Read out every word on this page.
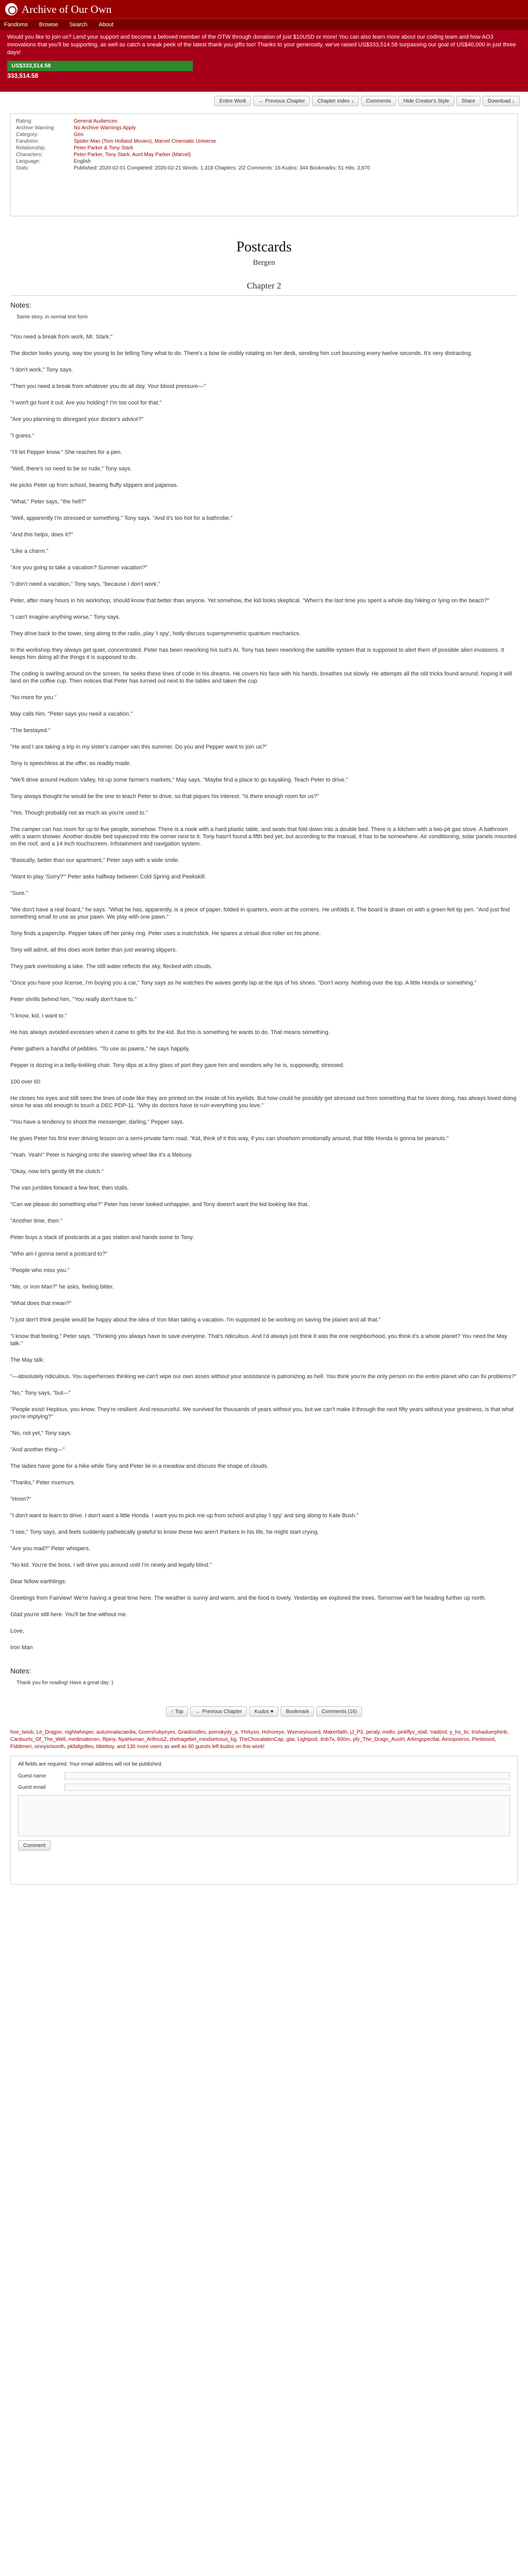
Archive of Our Own
Fandoms Browse Search About
Would you like to join us? Lend your support and become a beloved member of the OTW through donation of just $10USD or more! You can also learn more about our coding team and how AO3 innovations that you'll be supporting, as well as catch a sneak peek of the latest thank you gifts too! Thanks to your generosity, we've raised US$333,514.58 surpassing our goal of US$40,000 in just three days!
US$333,514.58
333,514.58
Entire Work	← Previous Chapter	Chapter Index ↓	Comments	Hide Creator's Style	Share	Download ↓
Rating:	General Audiences
Archive Warning:	No Archive Warnings Apply
Category:	Gen
Fandoms:	Spider-Man (Tom Holland Movies), Marvel Cinematic Universe
Relationship:	Peter Parker & Tony Stark
Characters:	Peter Parker, Tony Stark, Aunt May Parker (Marvel)
Language:	English
Stats:	Published: 2020-02-01 Completed: 2020-02-21 Words: 1,318 Chapters: 2/2 Comments: 16 Kudos: 344 Bookmarks: 51 Hits: 3,870
Postcards
Bergen
Chapter 2
Notes:
Same story, in normal text form

"You need a break from work, Mr. Stark."

The doctor looks young, way too young to be telling Tony what to do. There's a bow tie visibly rotating on her desk, sending him curt bouncing every twelve seconds. It's very distracting.

"I don't work," Tony says.

"Then you need a break from whatever you do all day. Your blood pressure—"

"I won't go hunt it out. Are you holding? I'm too cool for that."

"Are you planning to disregard your doctor's advice?"

"I guess."

"I'll let Pepper know." She reaches for a pen.

"Well, there's no need to be so rude," Tony says.

He picks Peter up from school, bearing fluffy slippers and pajamas.

"What," Peter says, "the hell?"

"Well, apparently I'm stressed or something," Tony says. "And it's too hot for a bathrobe."

"And this helps, does it?"

"Like a charm."

"Are you going to take a vacation? Summer vacation?"

"I don't need a vacation," Tony says, "because I don't work."

Peter, after many hours in his workshop, should know that better than anyone. Yet somehow, the kid looks skeptical. "When's the last time you spent a whole day hiking or lying on the beach?"

"I can't imagine anything worse," Tony says.

They drive back to the tower, sing along to the radio, play 'I spy', hotly discuss supersymmetric quantum mechanics.

In the workshop they always get quiet, concentrated. Peter has been reworking his suit's AI. Tony has been reworking the satellite system that is supposed to alert them of possible alien invasions. It keeps him doing all the things it is supposed to do.

The coding is swirling around on the screen, he seeks these lines of code in his dreams. He covers his face with his hands, breathes out slowly. He attempts all the old tricks found around, hoping it will land on the coffee cup. Then notices that Peter has turned out next to the tables and taken the cup.

"No more for you."

May calls him. "Peter says you need a vacation."

"The bestayed."

"He and I are taking a trip in my sister's camper van this summer. Do you and Pepper want to join us?"

Tony is speechless at the offer, so readily made.

"We'll drive around Hudson Valley, hit up some farmer's markets," May says. "Maybe find a place to go kayaking. Teach Peter to drive."

Tony always thought he would be the one to teach Peter to drive, so that piques his interest. "Is there enough room for us?"

"Yes. Though probably not as much as you're used to."

The camper can has room for up to five people, somehow. There is a nook with a hard plastic table, and seats that fold down into a double bed. There is a kitchen with a two-pit gas stove. A bathroom with a warm shower. Another double bed squeezed into the corner next to it. Tony hasn't found a fifth bed yet, but according to the manual, it has to be somewhere. Air conditioning, solar panels mounted on the roof, and a 14 inch touchscreen. Infotainment and navigation system.

"Basically, better than our apartment," Peter says with a wide smile.

"Want to play 'Sorry?'" Peter asks halfway between Cold Spring and Peekskill.

"Sure."

"We don't have a real board," he says. "What he has, apparently, is a piece of paper, folded in quarters, worn at the corners. He unfolds it. The board is drawn on with a green felt tip pen. "And just find something small to use as your pawn. We play with one pawn."

Tony finds a paperclip. Pepper takes off her pinky ring. Peter uses a matchstick. He spares a virtual dice roller on his phone.

Tony will admit, all this does work better than just wearing slippers.

They park overlooking a lake. The still water reflects the sky, flecked with clouds.

"Once you have your license, I'm buying you a car," Tony says as he watches the waves gently lap at the tips of his shoes. "Don't worry. Nothing over the top. A little Honda or something."

Peter shrills behind him, "You really don't have to."

"I know, kid. I want to."

He has always avoided excesses when it came to gifts for the kid. But this is something he wants to do. That means something.

Peter gathers a handful of pebbles. "To use as pawns," he says happily.

Pepper is dozing in a belly-tinkling chair. Tony dips at a tiny glass of port they gave him and wonders why he is, supposedly, stressed.

100 over 60

He closes his eyes and still sees the lines of code like they are printed on the inside of his eyelids. But how could he possibly get stressed out from something that he loves doing, has always loved doing since he was old enough to touch a DEC PDP-11. "Why do doctors have to ruin everything you love."

"You have a tendency to shoot the messenger, darling," Pepper says.

He gives Peter his first ever driving lesson on a semi-private farm road. "Kid, think of it this way, if you can shoehorn emotionally around, that little Honda is gonna be peanuts."

"Yeah. Yeah!" Peter is hanging onto the steering wheel like it's a lifebuoy.

"Okay, now let's gently lift the clutch."

The van jumbles forward a few feet, then stalls.

"Can we please do something else?" Peter has never looked unhappier, and Tony doesn't want the kid looking like that.

"Another time, then."

Peter buys a stack of postcards at a gas station and hands some to Tony.

"Who am I gonna send a postcard to?"

"People who miss you."

"Me, or Iron Man?" he asks, feeling bitter.

"What does that mean?"

"I just don't think people would be happy about the idea of Iron Man taking a vacation. I'm supposed to be working on saving the planet and all that."

"I know that feeling," Peter says. "Thinking you always have to save everyone. That's ridiculous. And I'd always just think it was the one neighborhood, you think it's a whole planet? You need the May talk."

The May talk:

"—absolutely ridiculous. You superheroes thinking we can't wipe our own asses without your assistance is patronizing as hell. You think you're the only person on the entire planet who can fix problems?"

"No," Tony says, "but—"

"People exist! Heplous, you know. They're resilient. And resourceful. We survived for thousands of years without you, but we can't make it through the next fifty years without your greatness, is that what you're implying?"

"No, not yet," Tony says.

"And another thing—"

The ladies have gone for a hike while Tony and Peter lie in a meadow and discuss the shape of clouds.

"Thanks," Peter murmurs.

"Hmm?"

"I don't want to learn to drive. I don't want a little Honda. I want you to pick me up from school and play 'I spy' and sing along to Kate Bush."

"I see," Tony says, and feels suddenly pathetically grateful to know these two aren't Parkers in his life, he might start crying.

"Are you mad?" Peter whispers.

"No kid. You're the boss. I will drive you around until I'm ninety and legally blind."

Dear fellow earthlings:

Greetings from Fairview! We're having a great time here. The weather is sunny and warm, and the food is lovely. Yesterday we explored the trees. Tomorrow we'll be heading further up north.

Glad you're still here. You'll be fine without me.

Love,

Iron Man

Notes:
Thank you for reading! Have a great day :)
↑ Top	← Previous Chapter	Kudos ♥	Bookmark	Comments (16)
hoe_twisb, Le_Dragon, nightwhisper, autumnalacaedia, Goern/rubyeyes, Graidoodles, pomskydy_a, Yhrkyso, Hohoreye, Wxeneyisxsed, Makerfaith, jJ_P3, peraly, mello, pinkflyv_stall, 'nad(ed, y_ho_tic, trishaduerphinb, Cardsurts_Of_The_Well, medimatenen, Rpiny, NyaHuman_ArthrusZ, zhehagebel_mindsetvous_kg, TheChocalatenCap, glar, Lightpod, 4nb7x, 800m, pfy_The_Dragn_Austrl, Arkingspectlal, Aesopneros, Pimbosinl, Fiddimeri, sinnysrisonth, pkllafgotleo, bbleboy, and 136 more users as well as 60 guests left kudos on this work!
All fields are required. Your email address will not be published.
Guest name
Guest email
Comment
